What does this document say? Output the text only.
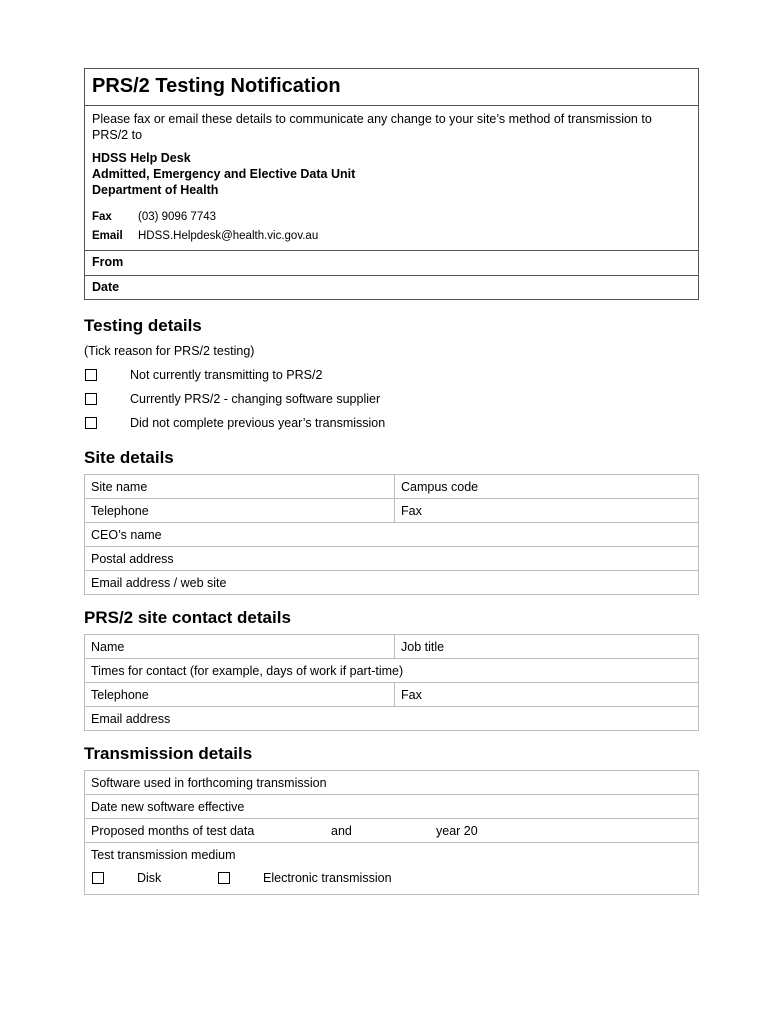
PRS/2 Testing Notification

Please fax or email these details to communicate any change to your site’s method of transmission to PRS/2 to

HDSS Help Desk
Admitted, Emergency and Elective Data Unit
Department of Health

Fax	(03) 9096 7743
Email	HDSS.Helpdesk@health.vic.gov.au
From
Date
Testing details
(Tick reason for PRS/2 testing)
Not currently transmitting to PRS/2
Currently PRS/2 - changing software supplier
Did not complete previous year’s transmission
Site details
Site name	Campus code
Telephone	Fax
CEO’s name	
Postal address	
Email address / web site	
PRS/2 site contact details
Name	Job title
Times for contact (for example, days of work if part-time)	
Telephone	Fax
Email address	
Transmission details
Software used in forthcoming transmission
Date new software effective

Proposed months of test data	and	year 20

Test transmission medium
Disk	Electronic transmission
